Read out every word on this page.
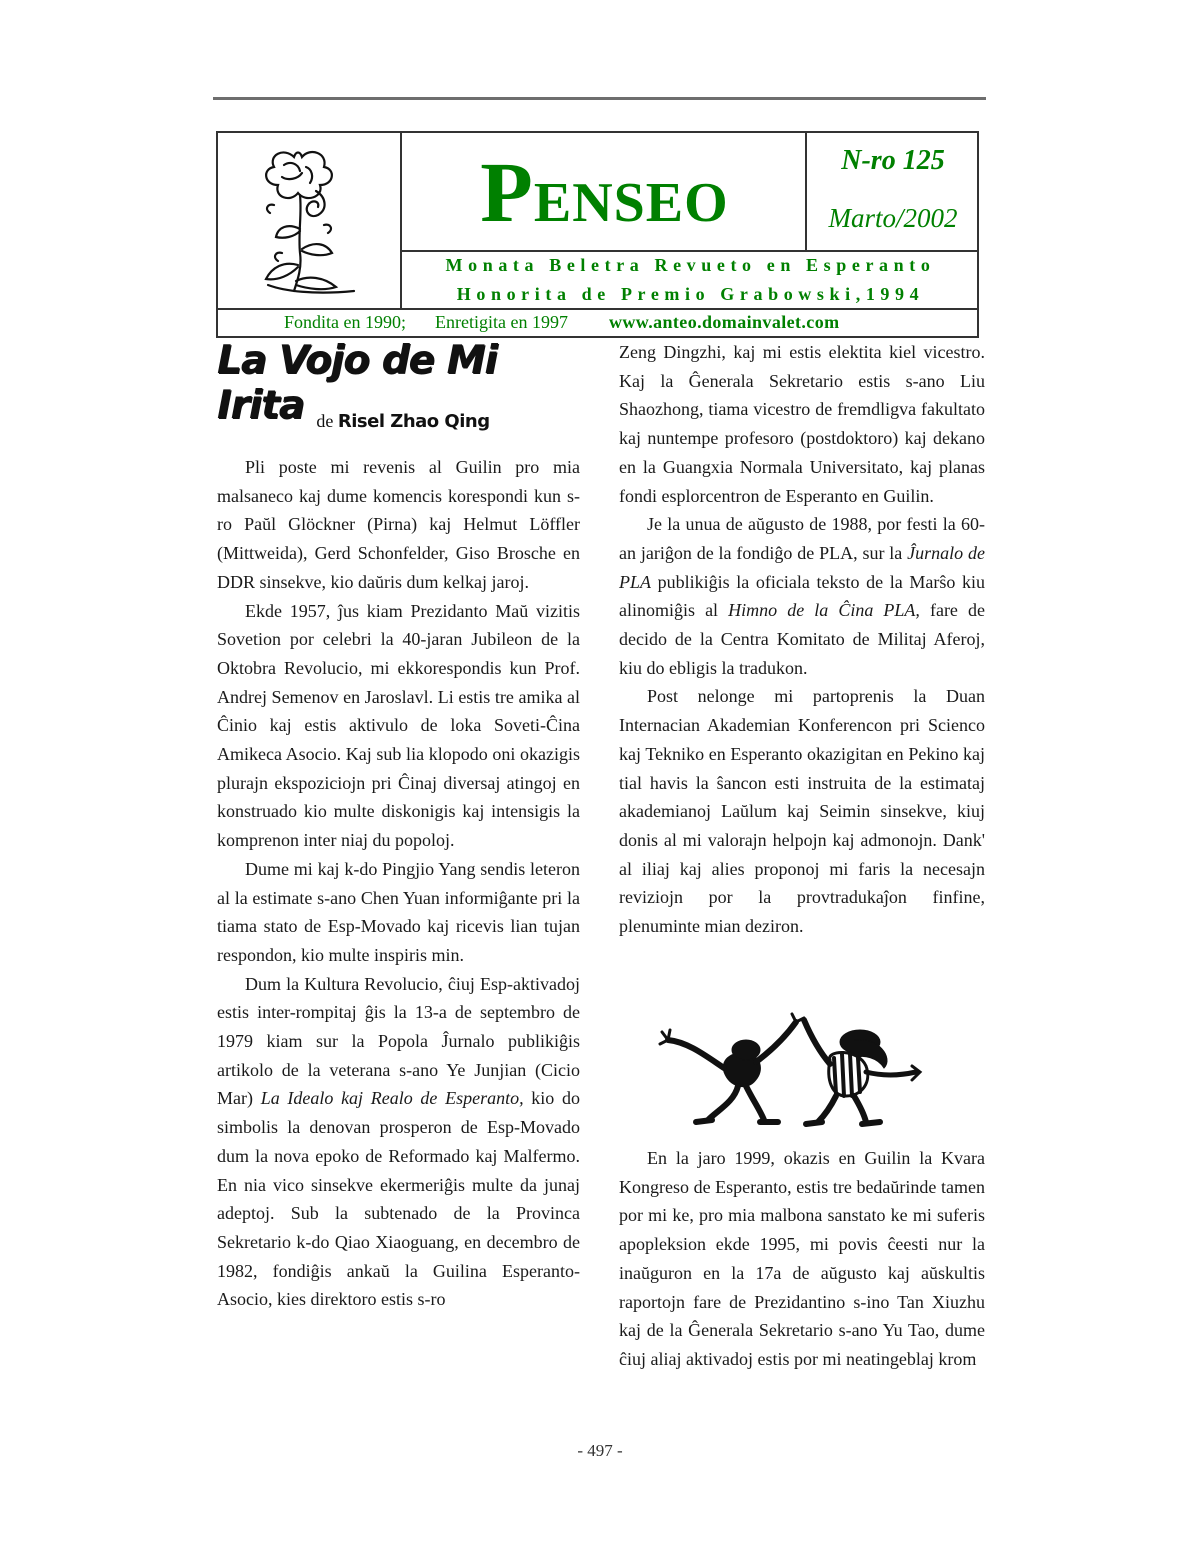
PENSEO
N-ro 125
Marto/2002
Monata Beletra Revueto en Esperanto
Honorita de Premio Grabowski,1994
Fondita en 1990; Enretigita en 1997 www.anteo.domainvalet.com
La Vojo de Mi Irita de Risel Zhao Qing

Pli poste mi revenis al Guilin pro mia malsaneco kaj dume komencis korespondi kun s-ro Paŭl Glöckner (Pirna) kaj Helmut Löffler (Mittweida), Gerd Schonfelder, Giso Brosche en DDR sinsekve, kio daŭris dum kelkaj jaroj.

Ekde 1957, ĵus kiam Prezidanto Maŭ vizitis Sovetion por celebri la 40-jaran Jubileon de la Oktobra Revolucio, mi ekkorespondis kun Prof. Andrej Semenov en Jaroslavl. Li estis tre amika al Ĉinio kaj estis aktivulo de loka Soveti-Ĉina Amikeca Asocio. Kaj sub lia klopodo oni okazigis plurajn ekspoziciojn pri Ĉinaj diversaj atingoj en konstruado kio multe diskonigis kaj intensigis la komprenon inter niaj du popoloj.

Dume mi kaj k-do Pingjio Yang sendis leteron al la estimate s-ano Chen Yuan informiĝante pri la tiama stato de Esp-Movado kaj ricevis lian tujan respondon, kio multe inspiris min.

Dum la Kultura Revolucio, ĉiuj Esp-aktivadoj estis inter-rompitaj ĝis la 13-a de septembro de 1979 kiam sur la Popola Ĵurnalo publikiĝis artikolo de la veterana s-ano Ye Junjian (Cicio Mar) La Idealo kaj Realo de Esperanto, kio do simbolis la denovan prosperon de Esp-Movado dum la nova epoko de Reformado kaj Malfermo. En nia vico sinsekve ekermeriĝis multe da junaj adeptoj. Sub la subtenado de la Provinca Sekretario k-do Qiao Xiaoguang, en decembro de 1982, fondiĝis ankaŭ la Guilina Esperanto-Asocio, kies direktoro estis s-ro

Zeng Dingzhi, kaj mi estis elektita kiel vicestro. Kaj la Ĝenerala Sekretario estis s-ano Liu Shaozhong, tiama vicestro de fremdligva fakultato kaj nuntempe profesoro (postdoktoro) kaj dekano en la Guangxia Normala Universitato, kaj planas fondi esplorcentron de Esperanto en Guilin.

Je la unua de aŭgusto de 1988, por festi la 60-an jariĝon de la fondiĝo de PLA, sur la Ĵurnalo de PLA publikiĝis la oficiala teksto de la Marŝo kiu alinomiĝis al Himno de la Ĉina PLA, fare de decido de la Centra Komitato de Militaj Aferoj, kiu do ebligis la tradukon.

Post nelonge mi partoprenis la Duan Internacian Akademian Konferencon pri Scienco kaj Tekniko en Esperanto okazigitan en Pekino kaj tial havis la ŝancon esti instruita de la estimataj akademianoj Laŭlum kaj Seimin sinsekve, kiuj donis al mi valorajn helpojn kaj admonojn. Dank' al iliaj kaj alies proponoj mi faris la necesajn reviziojn por la provtradukaĵon finfine, plenuminte mian deziron.

En la jaro 1999, okazis en Guilin la Kvara Kongreso de Esperanto, estis tre bedaŭrinde tamen por mi ke, pro mia malbona sanstato ke mi suferis apopleksion ekde 1995, mi povis ĉeesti nur la inaŭguron en la 17a de aŭgusto kaj aŭskultis raportojn fare de Prezidantino s-ino Tan Xiuzhu kaj de la Ĝenerala Sekretario s-ano Yu Tao, dume ĉiuj aliaj aktivadoj estis por mi neatingeblaj krom

- 497 -
